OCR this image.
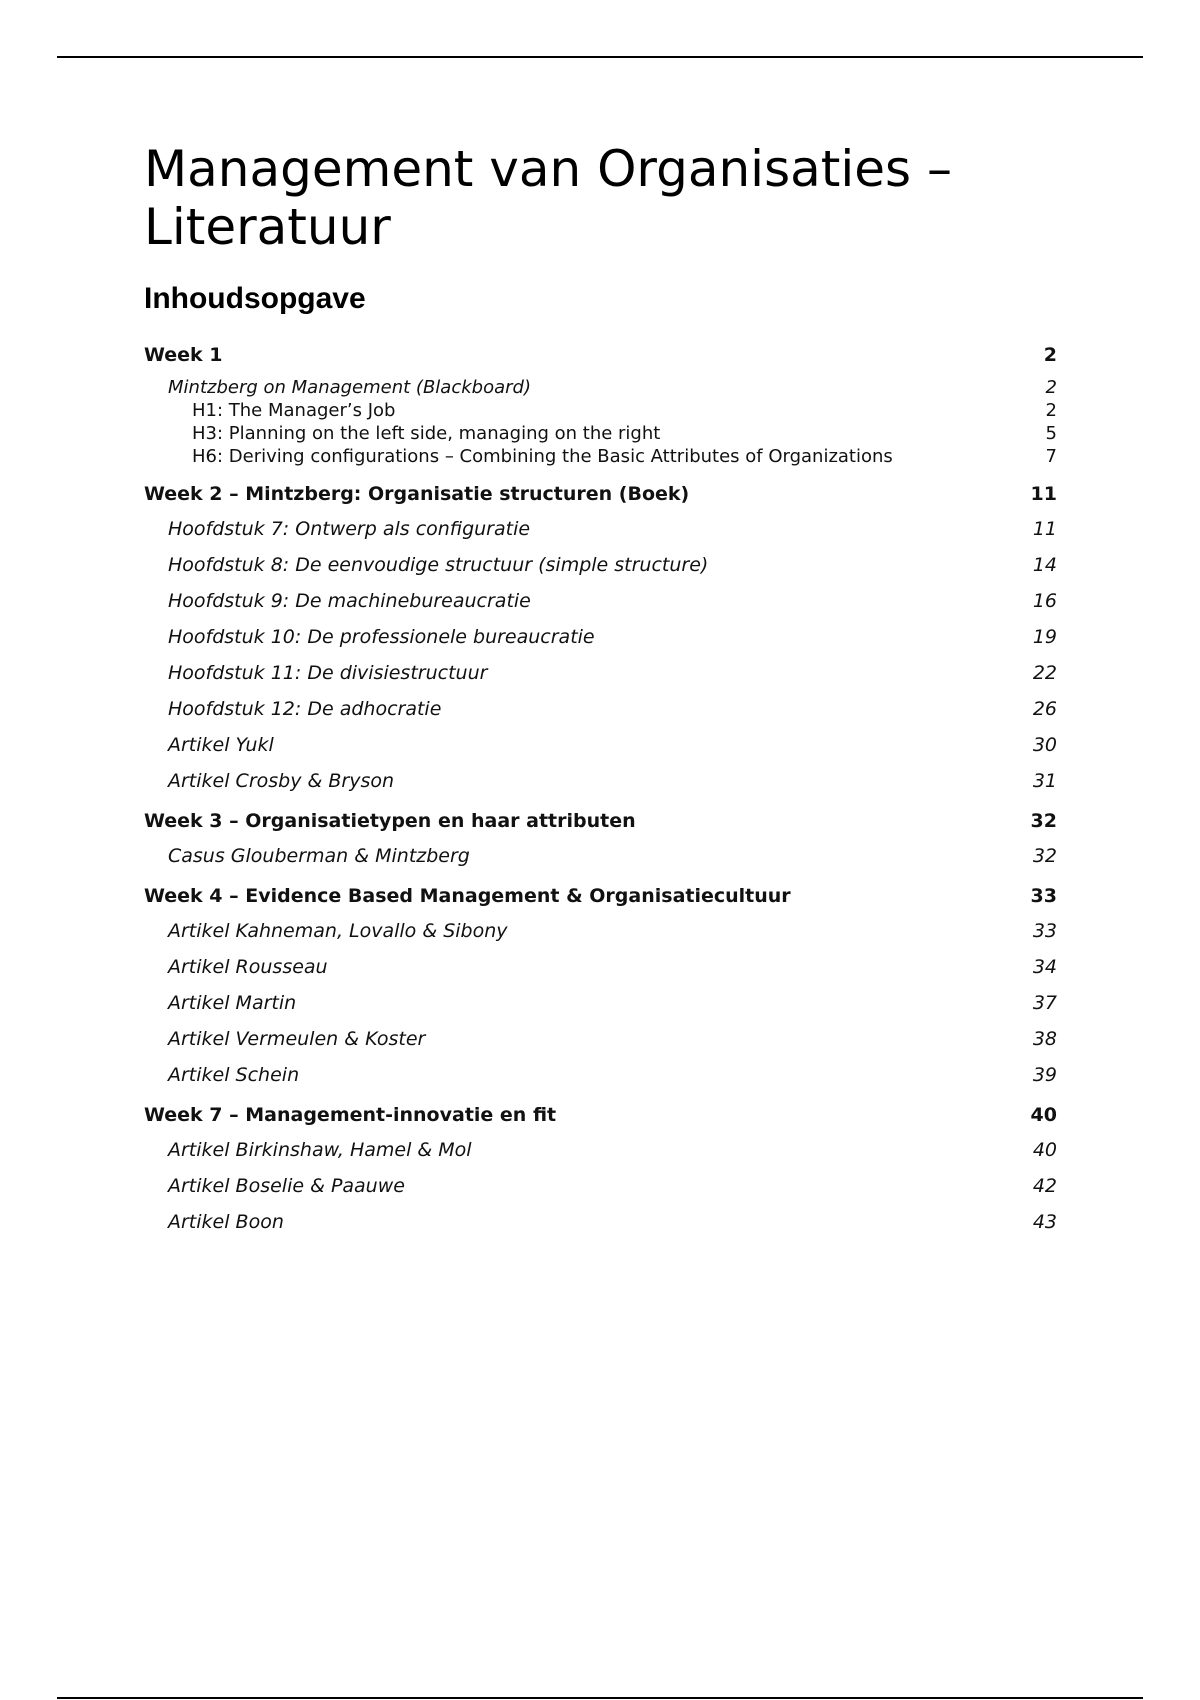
Management van Organisaties – Literatuur
Inhoudsopgave
Week 1	2
Mintzberg on Management (Blackboard)	2
H1: The Manager’s Job	2
H3: Planning on the left side, managing on the right	5
H6: Deriving configurations – Combining the Basic Attributes of Organizations	7
Week 2 – Mintzberg: Organisatie structuren (Boek)	11
Hoofdstuk 7: Ontwerp als configuratie	11
Hoofdstuk 8: De eenvoudige structuur (simple structure)	14
Hoofdstuk 9: De machinebureaucratie	16
Hoofdstuk 10: De professionele bureaucratie	19
Hoofdstuk 11: De divisiestructuur	22
Hoofdstuk 12: De adhocratie	26
Artikel Yukl	30
Artikel Crosby & Bryson	31
Week 3 – Organisatietypen en haar attributen	32
Casus Glouberman & Mintzberg	32
Week 4 – Evidence Based Management & Organisatiecultuur	33
Artikel Kahneman, Lovallo & Sibony	33
Artikel Rousseau	34
Artikel Martin	37
Artikel Vermeulen & Koster	38
Artikel Schein	39
Week 7 – Management-innovatie en fit	40
Artikel Birkinshaw, Hamel & Mol	40
Artikel Boselie & Paauwe	42
Artikel Boon	43
